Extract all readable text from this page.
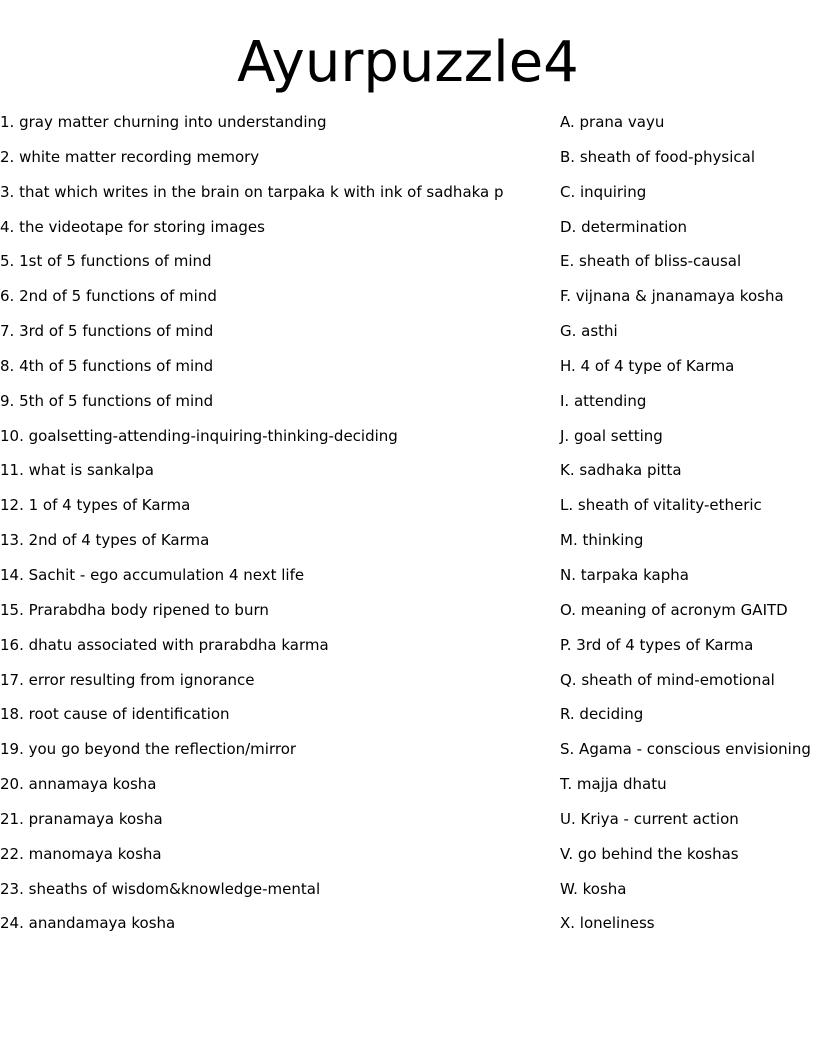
Ayurpuzzle4
1. gray matter churning into understanding
2. white matter recording memory
3. that which writes in the brain on tarpaka k with ink of sadhaka p
4. the videotape for storing images
5. 1st of 5 functions of mind
6. 2nd of 5 functions of mind
7. 3rd of 5 functions of mind
8. 4th of 5 functions of mind
9. 5th of 5 functions of mind
10. goalsetting-attending-inquiring-thinking-deciding
11. what is sankalpa
12. 1 of 4 types of Karma
13. 2nd of 4 types of Karma
14. Sachit - ego accumulation 4 next life
15. Prarabdha body ripened to burn
16. dhatu associated with prarabdha karma
17. error resulting from ignorance
18. root cause of identification
19. you go beyond the reflection/mirror
20. annamaya kosha
21. pranamaya kosha
22. manomaya kosha
23. sheaths of wisdom&knowledge-mental
24. anandamaya kosha
A. prana vayu
B. sheath of food-physical
C. inquiring
D. determination
E. sheath of bliss-causal
F. vijnana & jnanamaya kosha
G. asthi
H. 4 of 4 type of Karma
I. attending
J. goal setting
K. sadhaka pitta
L. sheath of vitality-etheric
M. thinking
N. tarpaka kapha
O. meaning of acronym GAITD
P. 3rd of 4 types of Karma
Q. sheath of mind-emotional
R. deciding
S. Agama - conscious envisioning
T. majja dhatu
U. Kriya - current action
V. go behind the koshas
W. kosha
X. loneliness
